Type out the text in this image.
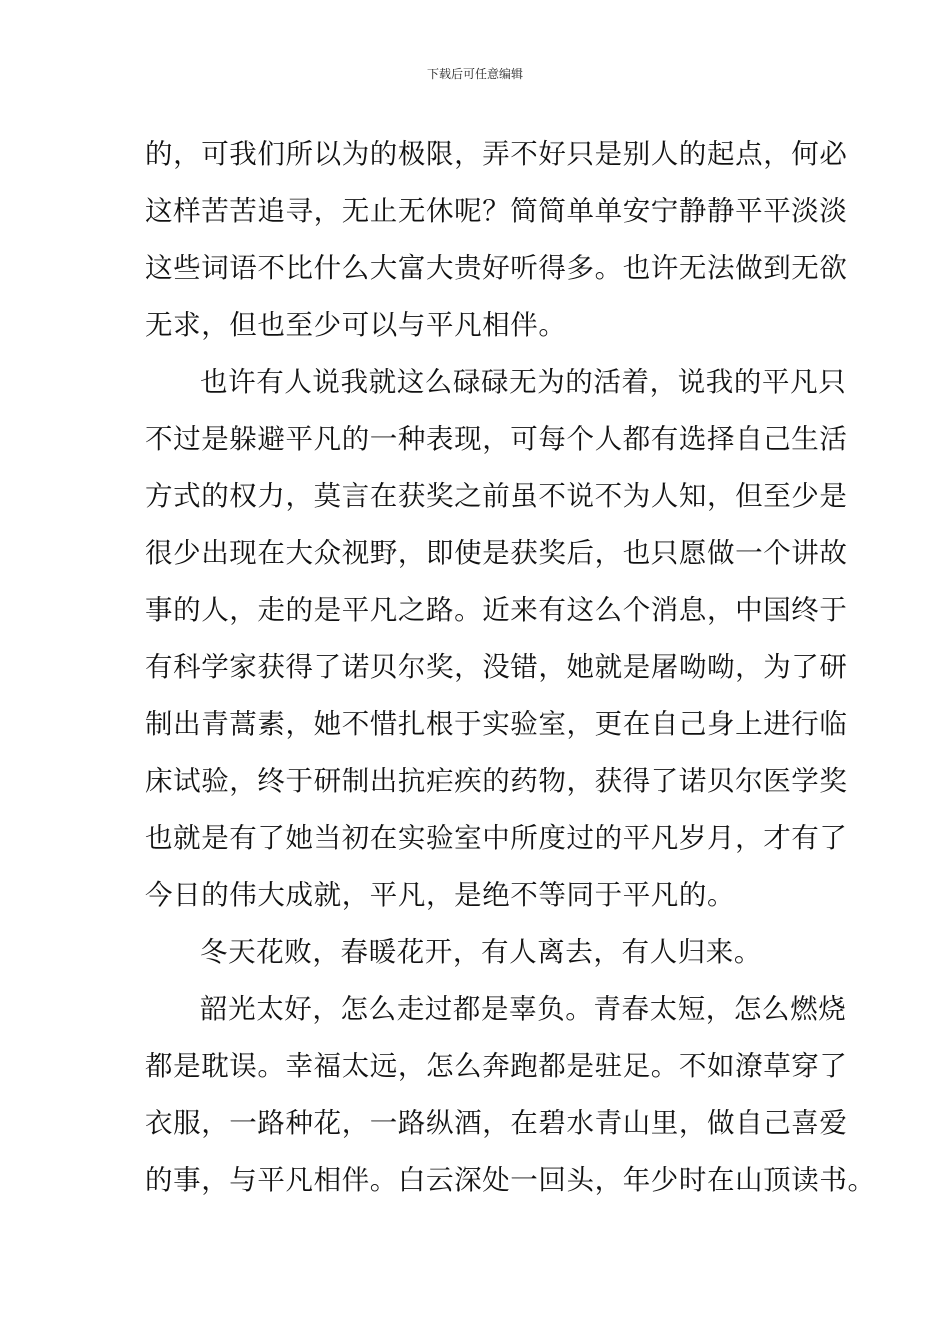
下载后可任意编辑
的，可我们所以为的极限，弄不好只是别人的起点，何必
这样苦苦追寻，无止无休呢？简简单单安宁静静平平淡淡
这些词语不比什么大富大贵好听得多。也许无法做到无欲
无求，但也至少可以与平凡相伴。
也许有人说我就这么碌碌无为的活着，说我的平凡只
不过是躲避平凡的一种表现，可每个人都有选择自己生活
方式的权力，莫言在获奖之前虽不说不为人知，但至少是
很少出现在大众视野，即使是获奖后，也只愿做一个讲故
事的人，走的是平凡之路。近来有这么个消息，中国终于
有科学家获得了诺贝尔奖，没错，她就是屠呦呦，为了研
制出青蒿素，她不惜扎根于实验室，更在自己身上进行临
床试验，终于研制出抗疟疾的药物，获得了诺贝尔医学奖
也就是有了她当初在实验室中所度过的平凡岁月，才有了
今日的伟大成就，平凡，是绝不等同于平凡的。
冬天花败，春暖花开，有人离去，有人归来。
韶光太好，怎么走过都是辜负。青春太短，怎么燃烧
都是耽误。幸福太远，怎么奔跑都是驻足。不如潦草穿了
衣服，一路种花，一路纵酒，在碧水青山里，做自己喜爱
的事，与平凡相伴。白云深处一回头，年少时在山顶读书。
